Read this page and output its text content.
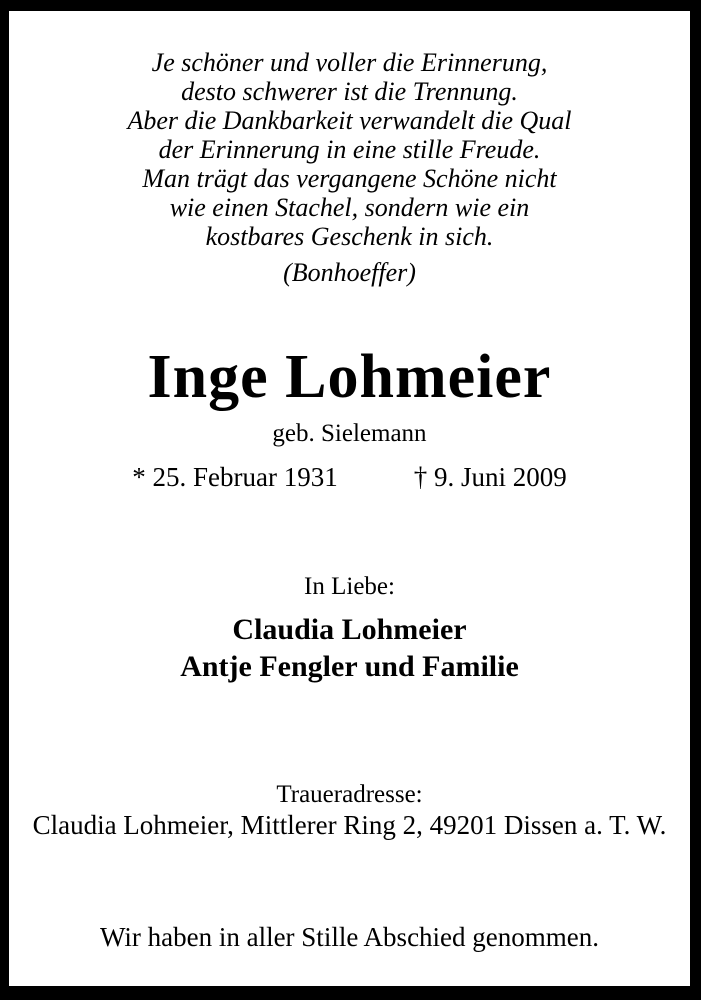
Je schöner und voller die Erinnerung,
desto schwerer ist die Trennung.
Aber die Dankbarkeit verwandelt die Qual
der Erinnerung in eine stille Freude.
Man trägt das vergangene Schöne nicht
wie einen Stachel, sondern wie ein
kostbares Geschenk in sich.
(Bonhoeffer)
Inge Lohmeier
geb. Sielemann
* 25. Februar 1931	† 9. Juni 2009
In Liebe:
Claudia Lohmeier
Antje Fengler und Familie
Traueradresse:
Claudia Lohmeier, Mittlerer Ring 2, 49201 Dissen a. T. W.
Wir haben in aller Stille Abschied genommen.
